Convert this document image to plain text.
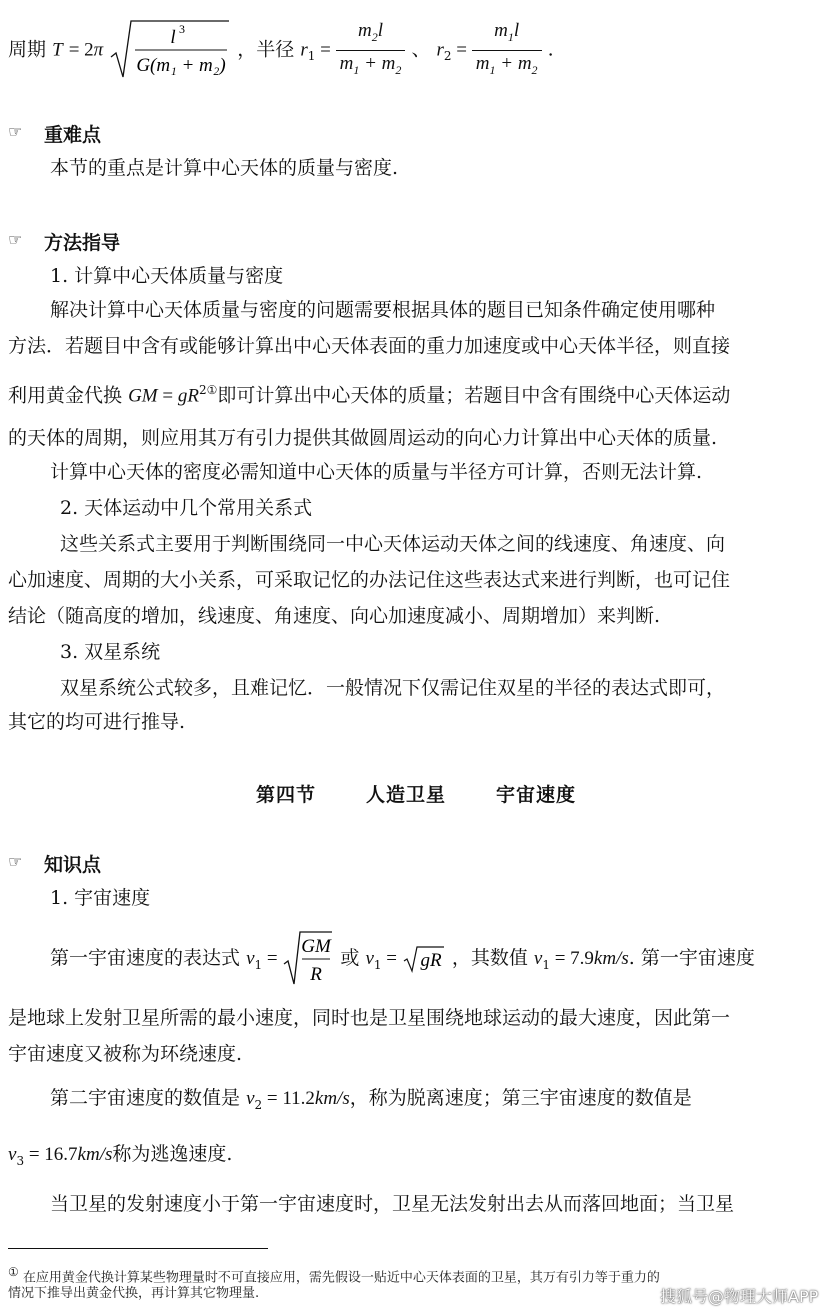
周期 T = 2π
l 3
G(m₁ + m₂)
，半径 $r_1 = \frac{m_2l}{m_1 + m_2}$ 、 $r_2 = \frac{m_1l}{m_1 + m_2}$ .
☞ 重难点
本节的重点是计算中心天体的质量与密度.
☞ 方法指导
1. 计算中心天体质量与密度
解决计算中心天体质量与密度的问题需要根据具体的题目已知条件确定使用哪种
方法．若题目中含有或能够计算出中心天体表面的重力加速度或中心天体半径，则直接
利用黄金代换 GM = $gR^{2①}$即可计算出中心天体的质量；若题目中含有围绕中心天体运动
的天体的周期，则应用其万有引力提供其做圆周运动的向心力计算出中心天体的质量.
计算中心天体的密度必需知道中心天体的质量与半径方可计算，否则无法计算.
2. 天体运动中几个常用关系式
这些关系式主要用于判断围绕同一中心天体运动天体之间的线速度、角速度、向
心加速度、周期的大小关系，可采取记忆的办法记住这些表达式来进行判断，也可记住
结论（随高度的增加，线速度、角速度、向心加速度减小、周期增加）来判断.
3. 双星系统
双星系统公式较多，且难记忆．一般情况下仅需记住双星的半径的表达式即可，
其它的均可进行推导.
第四节	人造卫星	宇宙速度
☞ 知识点
1. 宇宙速度
第一宇宙速度的表达式 $v_1$ =
GM
R
或 $v_1$ = gR ，其数值 $v_1 = 7.9km/s$. 第一宇宙速度
是地球上发射卫星所需的最小速度，同时也是卫星围绕地球运动的最大速度，因此第一
宇宙速度又被称为环绕速度.
第二宇宙速度的数值是 $v_2 = 11.2km/s$，称为脱离速度；第三宇宙速度的数值是
$v_3 = 16.7km/s$称为逃逸速度.
当卫星的发射速度小于第一宇宙速度时，卫星无法发射出去从而落回地面；当卫星
① 在应用黄金代换计算某些物理量时不可直接应用，需先假设一贴近中心天体表面的卫星，其万有引力等于重力的
情况下推导出黄金代换，再计算其它物理量.	搜狐号@物理大师APP
